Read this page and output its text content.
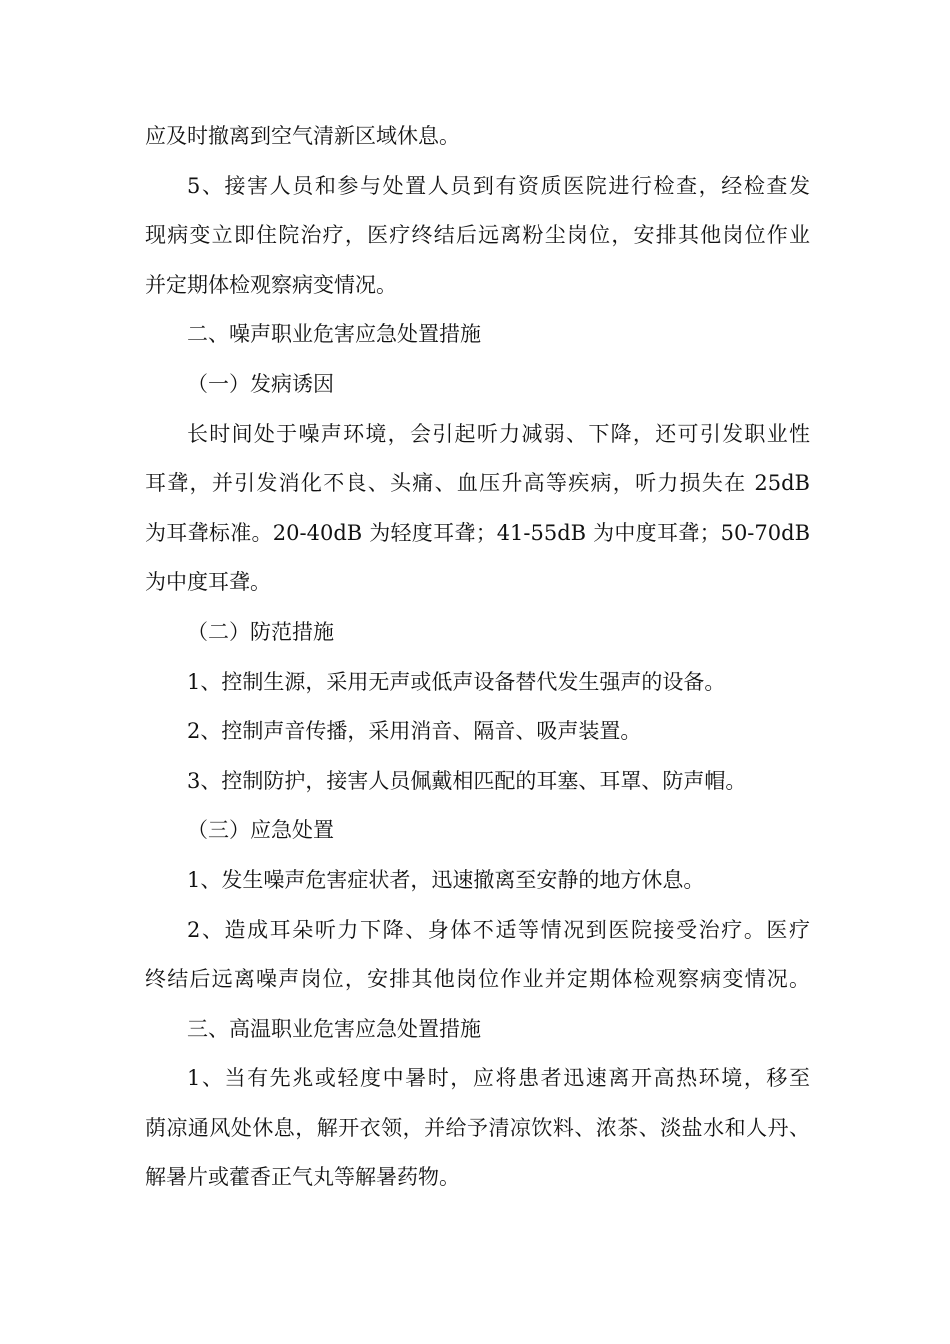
应及时撤离到空气清新区域休息。
5、接害人员和参与处置人员到有资质医院进行检查，经检查发
现病变立即住院治疗，医疗终结后远离粉尘岗位，安排其他岗位作业
并定期体检观察病变情况。
二、噪声职业危害应急处置措施
（一）发病诱因
长时间处于噪声环境，会引起听力减弱、下降，还可引发职业性
耳聋，并引发消化不良、头痛、血压升高等疾病，听力损失在 25dB
为耳聋标准。20-40dB 为轻度耳聋；41-55dB 为中度耳聋；50-70dB
为中度耳聋。
（二）防范措施
1、控制生源，采用无声或低声设备替代发生强声的设备。
2、控制声音传播，采用消音、隔音、吸声装置。
3、控制防护，接害人员佩戴相匹配的耳塞、耳罩、防声帽。
（三）应急处置
1、发生噪声危害症状者，迅速撤离至安静的地方休息。
2、造成耳朵听力下降、身体不适等情况到医院接受治疗。医疗
终结后远离噪声岗位，安排其他岗位作业并定期体检观察病变情况。
三、高温职业危害应急处置措施
1、当有先兆或轻度中暑时，应将患者迅速离开高热环境，移至
荫凉通风处休息，解开衣领，并给予清凉饮料、浓茶、淡盐水和人丹、
解暑片或藿香正气丸等解暑药物。
